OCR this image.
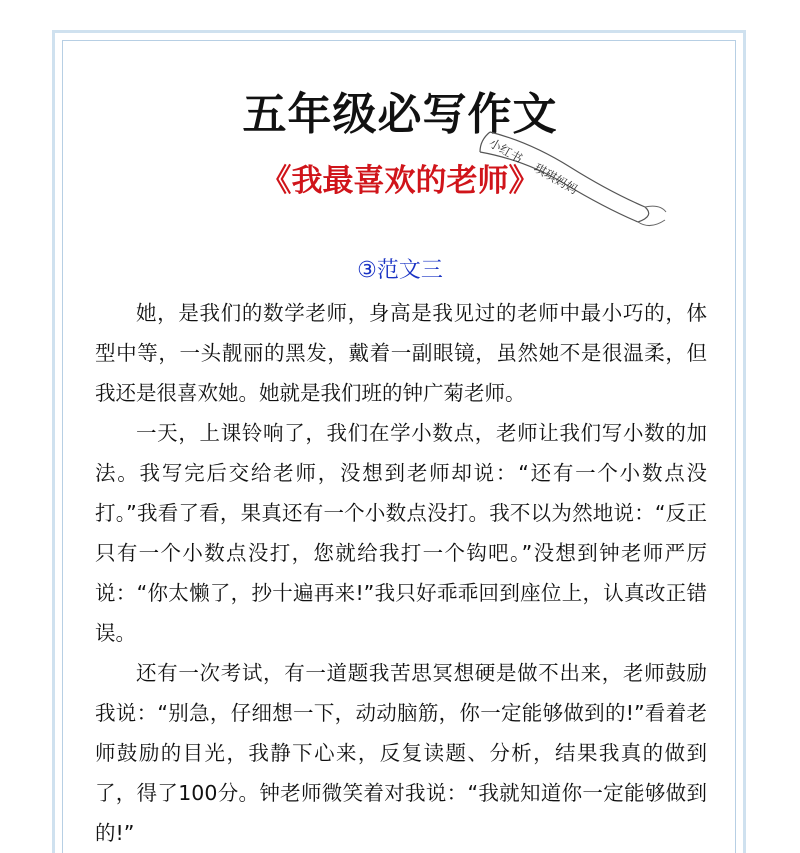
五年级必写作文
《我最喜欢的老师》
小红书
琪琪妈妈
③范文三

她，是我们的数学老师，身高是我见过的老师中最小巧的，体型中等，一头靓丽的黑发，戴着一副眼镜，虽然她不是很温柔，但我还是很喜欢她。她就是我们班的钟广菊老师。

一天，上课铃响了，我们在学小数点，老师让我们写小数的加法。我写完后交给老师，没想到老师却说：“还有一个小数点没打。”我看了看，果真还有一个小数点没打。我不以为然地说：“反正只有一个小数点没打，您就给我打一个钩吧。”没想到钟老师严厉说：“你太懒了，抄十遍再来!”我只好乖乖回到座位上，认真改正错误。

还有一次考试，有一道题我苦思冥想硬是做不出来，老师鼓励我说：“别急，仔细想一下，动动脑筋，你一定能够做到的!”看着老师鼓励的目光，我静下心来，反复读题、分析，结果我真的做到了，得了100分。钟老师微笑着对我说：“我就知道你一定能够做到的!”
